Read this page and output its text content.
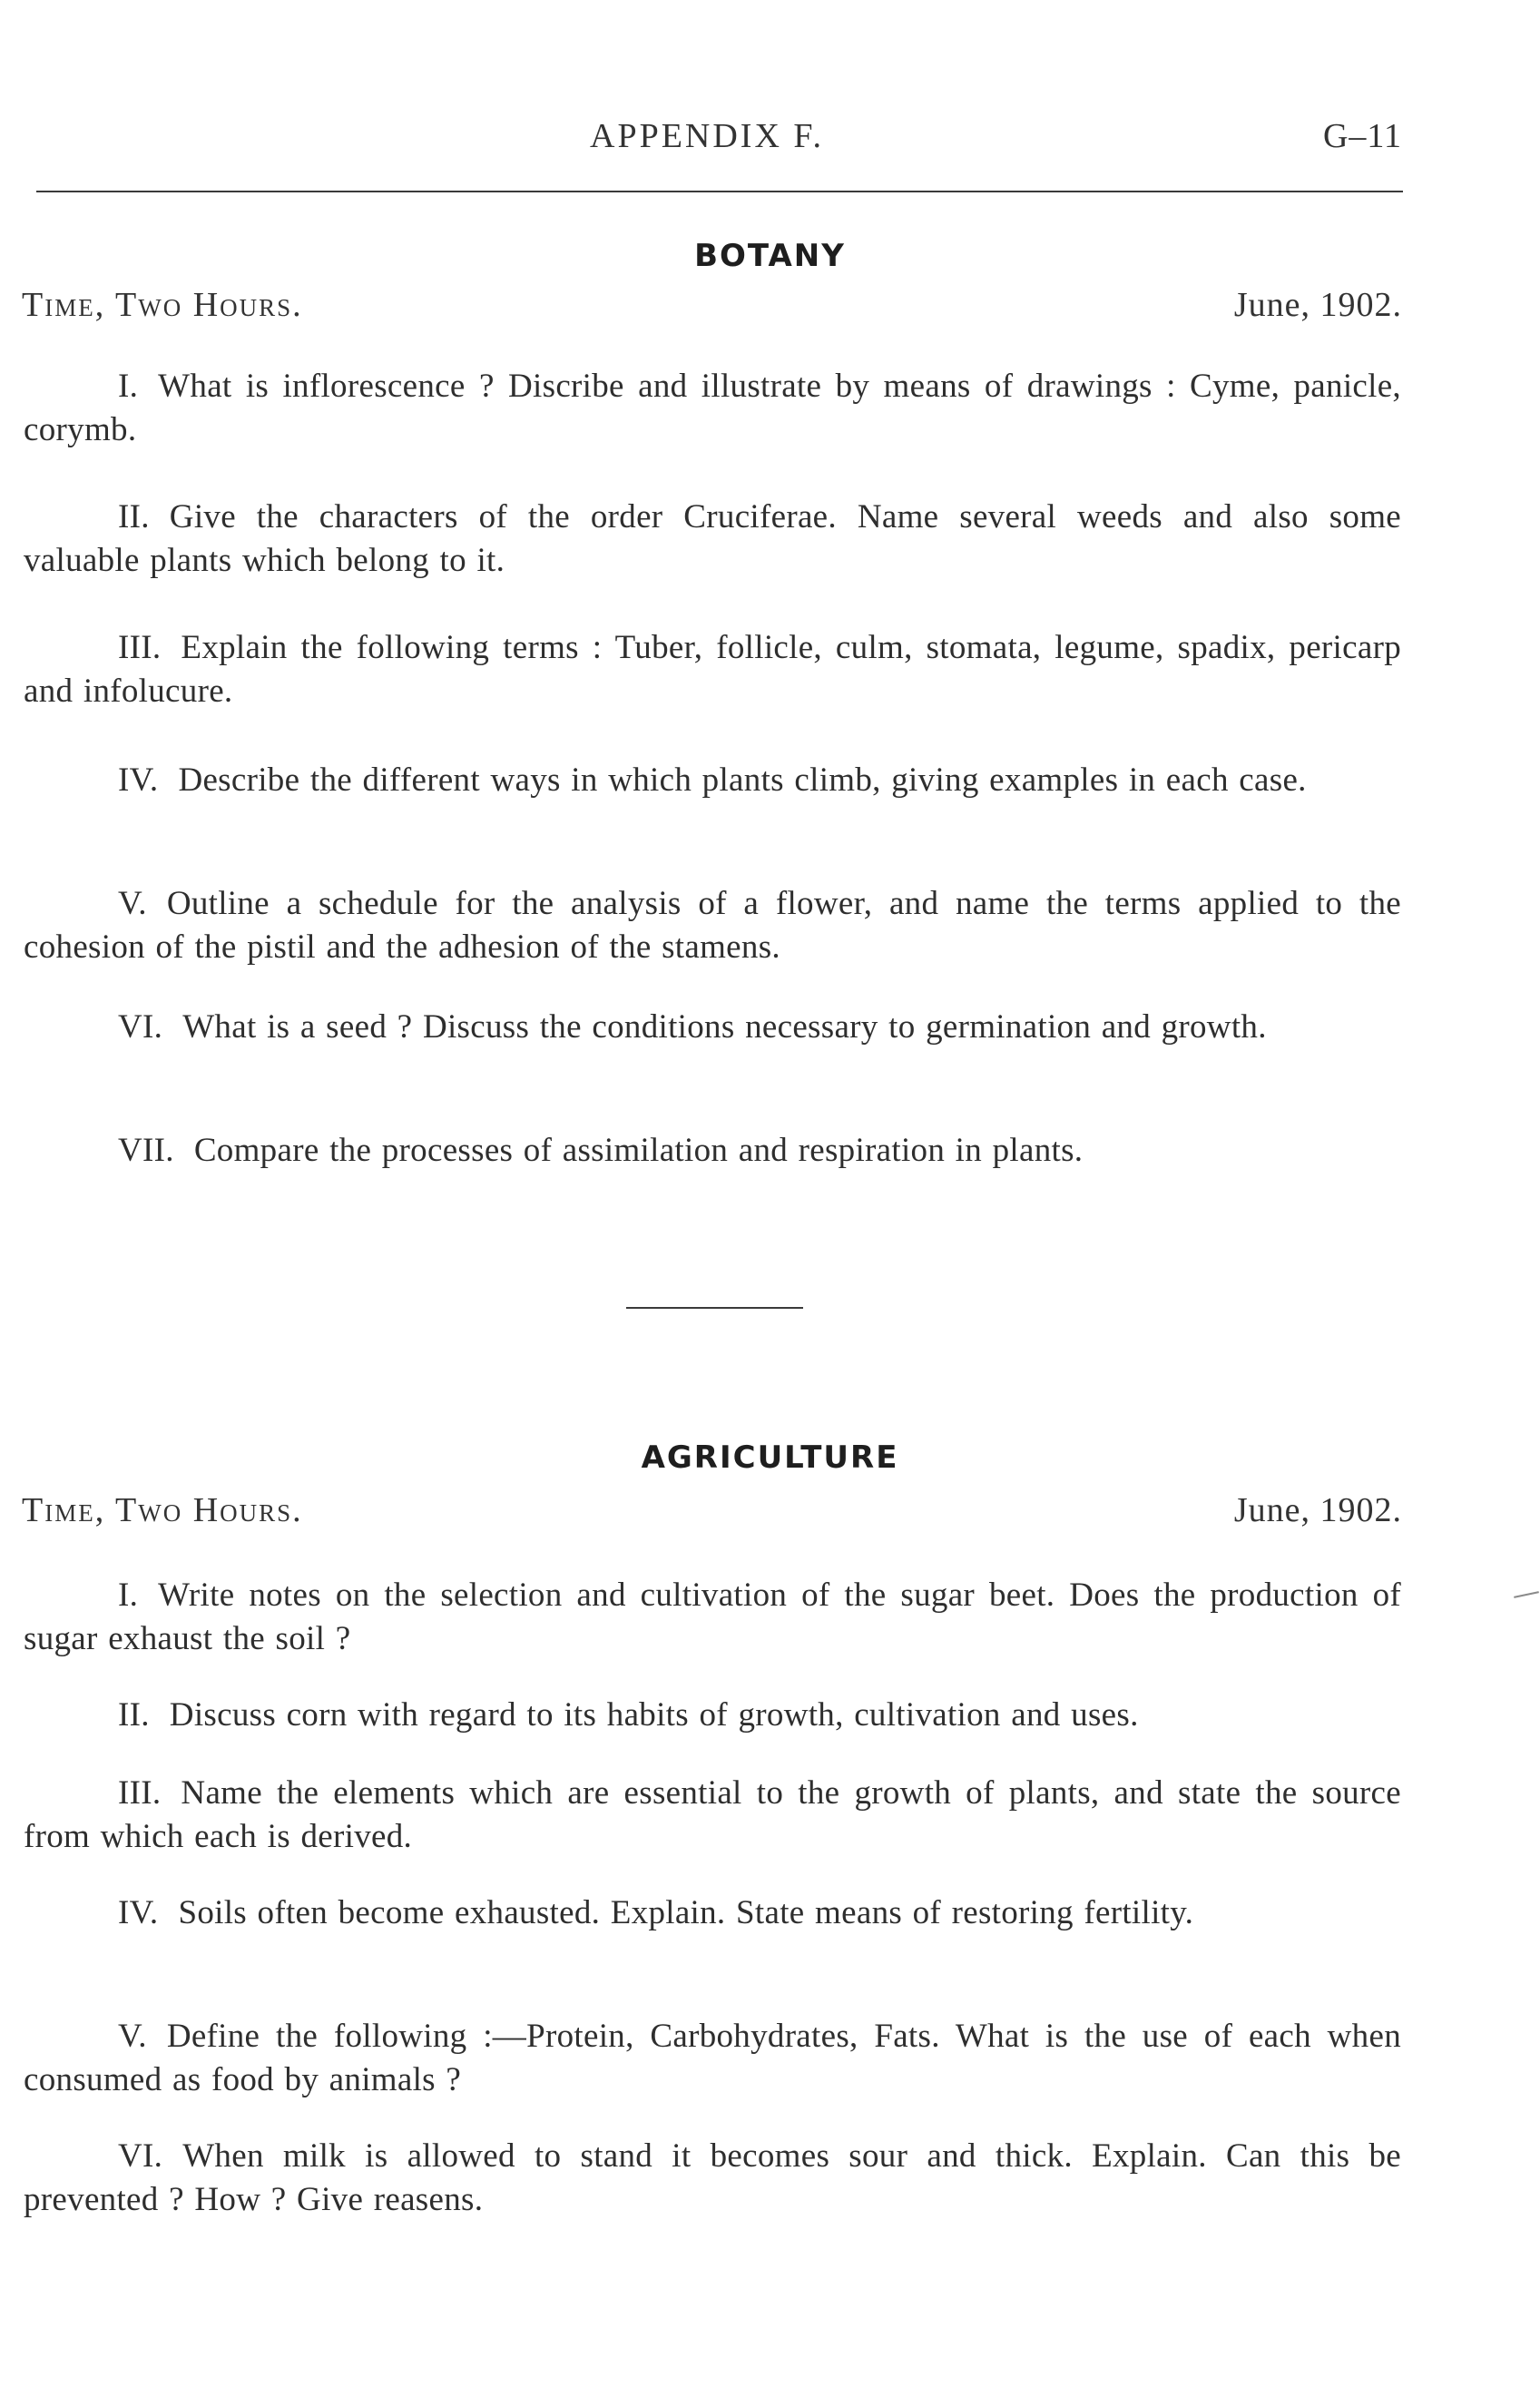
APPENDIX F.	G–11
BOTANY
Time, Two Hours.	June, 1902.
I. What is inflorescence ? Discribe and illustrate by means of drawings : Cyme, panicle, corymb.
II. Give the characters of the order Cruciferae. Name several weeds and also some valuable plants which belong to it.
III. Explain the following terms : Tuber, follicle, culm, stomata, legume, spadix, pericarp and infolucure.
IV. Describe the different ways in which plants climb, giving examples in each case.
V. Outline a schedule for the analysis of a flower, and name the terms applied to the cohesion of the pistil and the adhesion of the stamens.
VI. What is a seed ? Discuss the conditions necessary to germination and growth.
VII. Compare the processes of assimilation and respiration in plants.
AGRICULTURE
Time, Two Hours.	June, 1902.
I. Write notes on the selection and cultivation of the sugar beet. Does the production of sugar exhaust the soil ?
II. Discuss corn with regard to its habits of growth, cultivation and uses.
III. Name the elements which are essential to the growth of plants, and state the source from which each is derived.
IV. Soils often become exhausted. Explain. State means of restoring fertility.
V. Define the following :—Protein, Carbohydrates, Fats. What is the use of each when consumed as food by animals ?
VI. When milk is allowed to stand it becomes sour and thick. Explain. Can this be prevented ? How ? Give reasens.
